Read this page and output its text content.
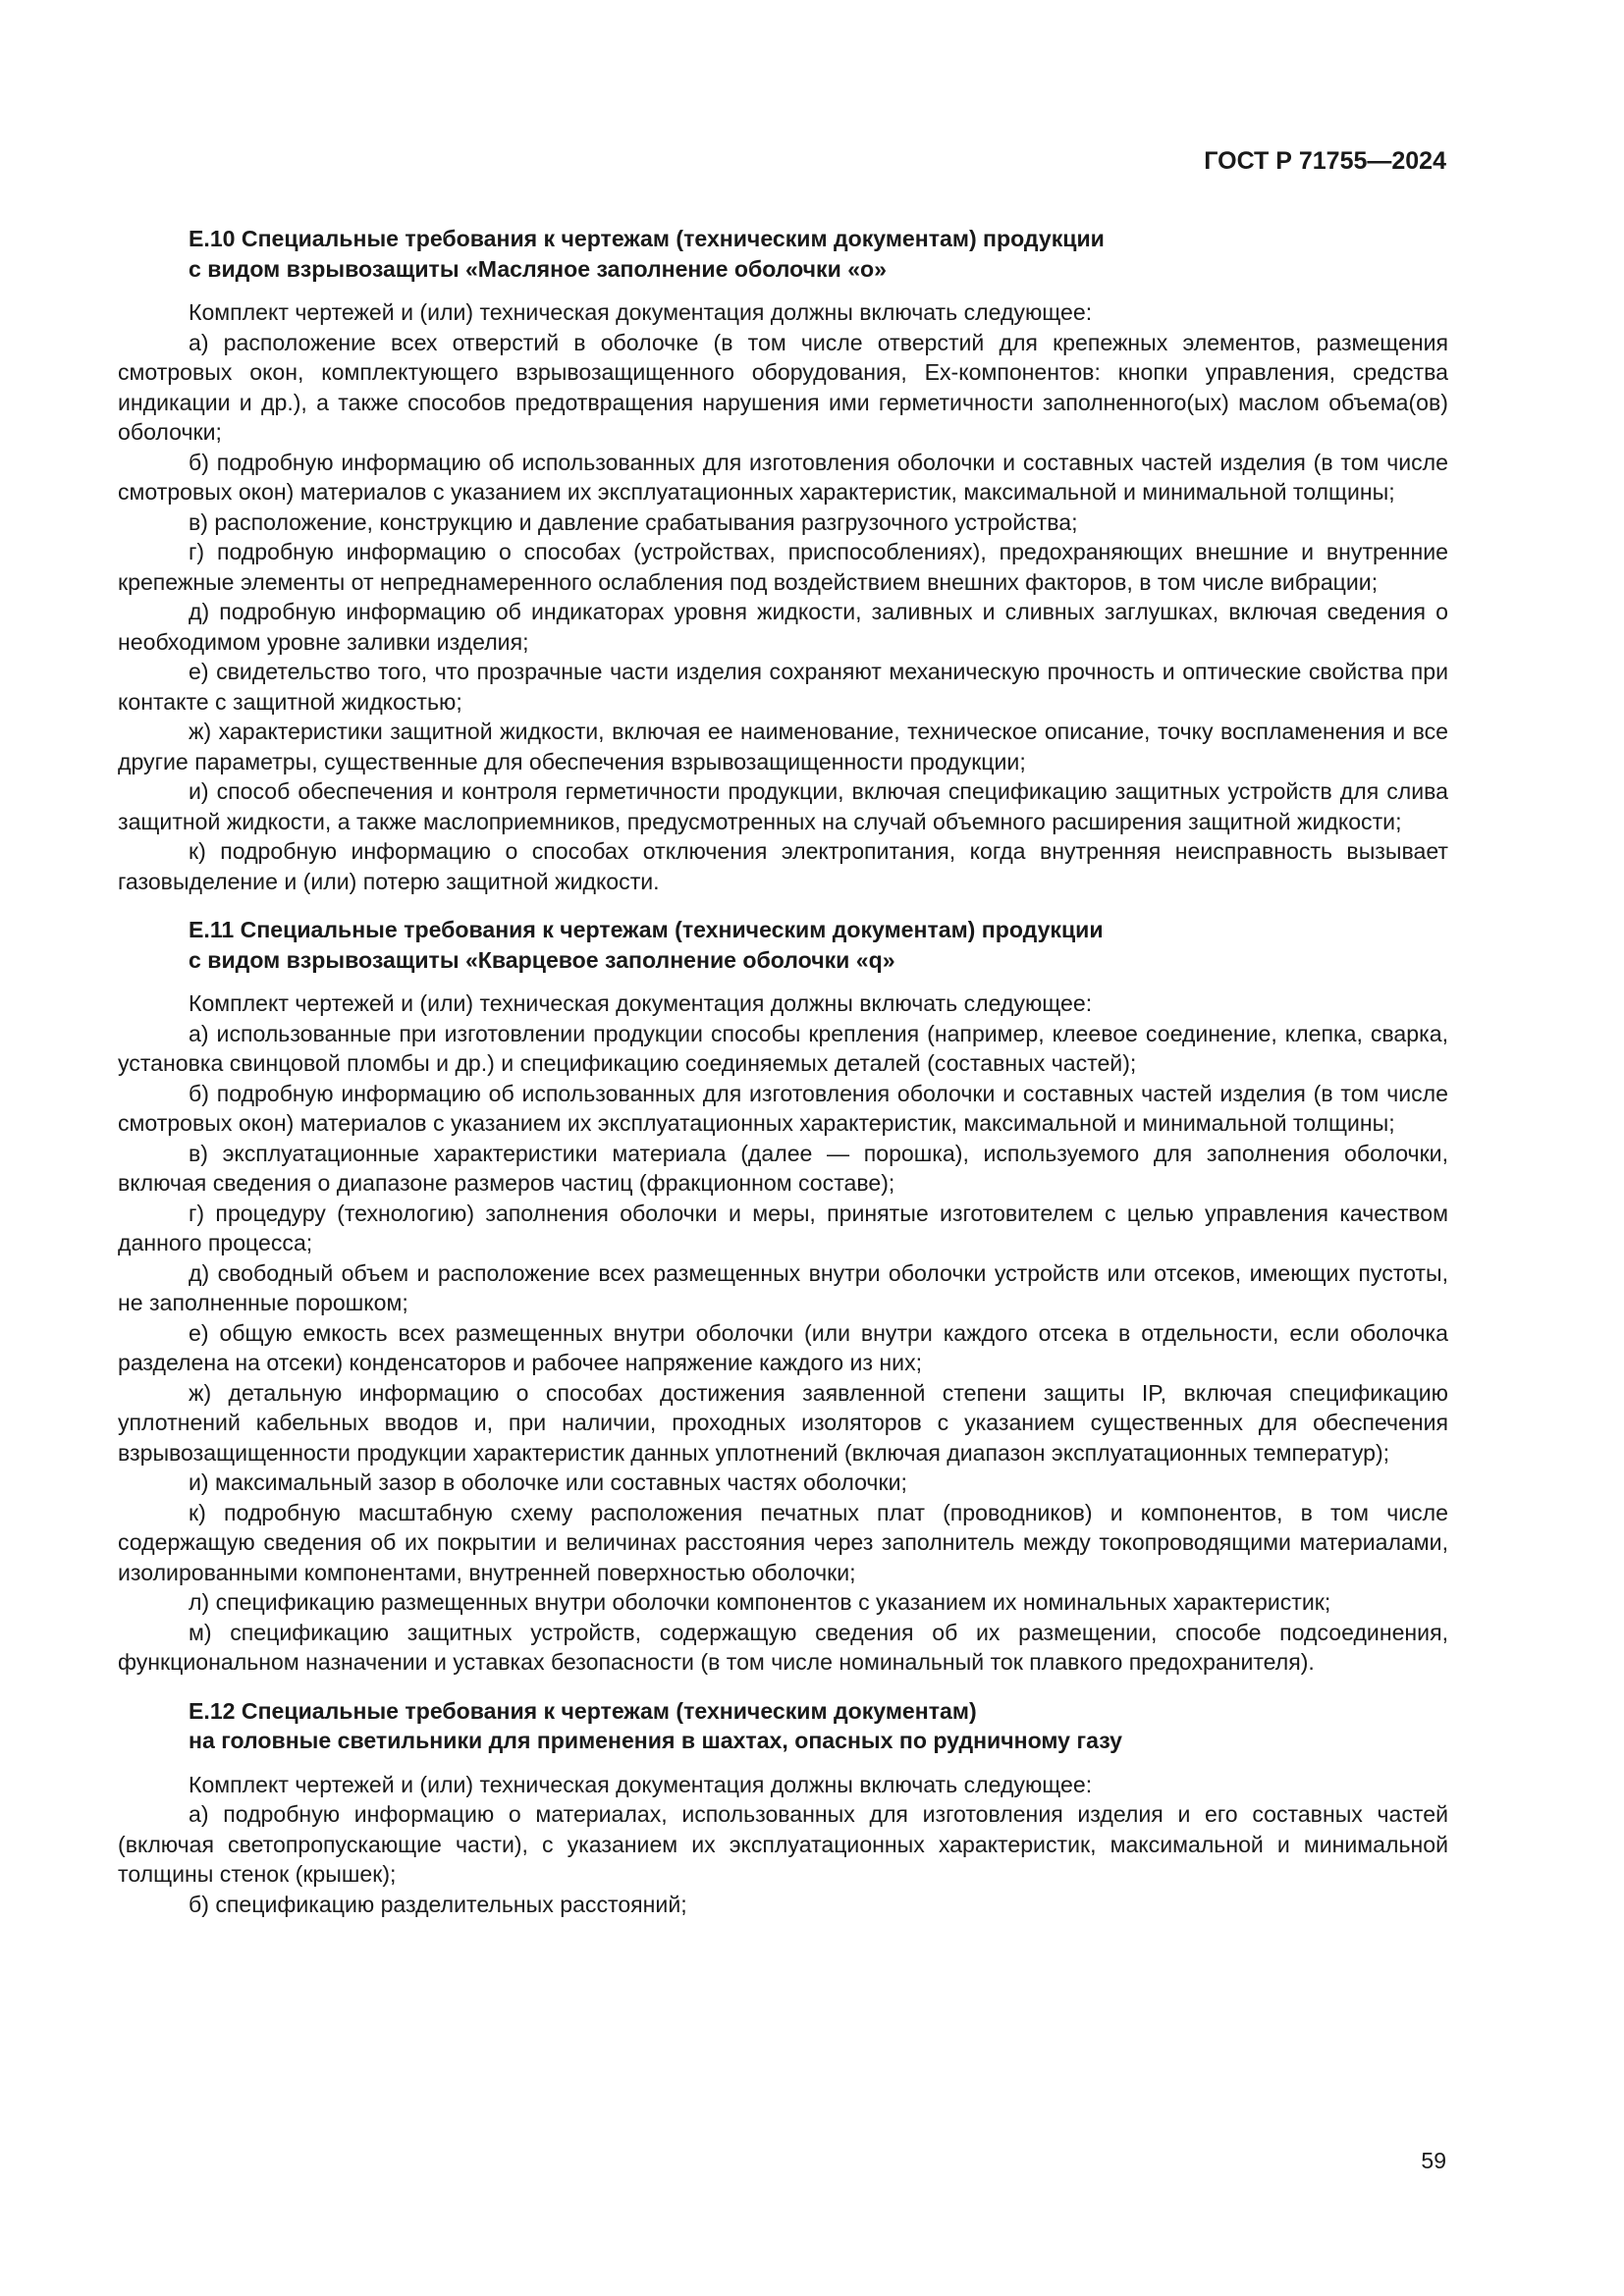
ГОСТ Р 71755—2024
Е.10 Специальные требования к чертежам (техническим документам) продукции
с видом взрывозащиты «Масляное заполнение оболочки «о»

Комплект чертежей и (или) техническая документация должны включать следующее:

а) расположение всех отверстий в оболочке (в том числе отверстий для крепежных элементов, размещения смотровых окон, комплектующего взрывозащищенного оборудования, Ex-компонентов: кнопки управления, средства индикации и др.), а также способов предотвращения нарушения ими герметичности заполненного(ых) маслом объема(ов) оболочки;

б) подробную информацию об использованных для изготовления оболочки и составных частей изделия (в том числе смотровых окон) материалов с указанием их эксплуатационных характеристик, максимальной и минимальной толщины;

в) расположение, конструкцию и давление срабатывания разгрузочного устройства;

г) подробную информацию о способах (устройствах, приспособлениях), предохраняющих внешние и внутренние крепежные элементы от непреднамеренного ослабления под воздействием внешних факторов, в том числе вибрации;

д) подробную информацию об индикаторах уровня жидкости, заливных и сливных заглушках, включая сведения о необходимом уровне заливки изделия;

е) свидетельство того, что прозрачные части изделия сохраняют механическую прочность и оптические свойства при контакте с защитной жидкостью;

ж) характеристики защитной жидкости, включая ее наименование, техническое описание, точку воспламенения и все другие параметры, существенные для обеспечения взрывозащищенности продукции;

и) способ обеспечения и контроля герметичности продукции, включая спецификацию защитных устройств для слива защитной жидкости, а также маслоприемников, предусмотренных на случай объемного расширения защитной жидкости;

к) подробную информацию о способах отключения электропитания, когда внутренняя неисправность вызывает газовыделение и (или) потерю защитной жидкости.

Е.11 Специальные требования к чертежам (техническим документам) продукции
с видом взрывозащиты «Кварцевое заполнение оболочки «q»

Комплект чертежей и (или) техническая документация должны включать следующее:

а) использованные при изготовлении продукции способы крепления (например, клеевое соединение, клепка, сварка, установка свинцовой пломбы и др.) и спецификацию соединяемых деталей (составных частей);

б) подробную информацию об использованных для изготовления оболочки и составных частей изделия (в том числе смотровых окон) материалов с указанием их эксплуатационных характеристик, максимальной и минимальной толщины;

в) эксплуатационные характеристики материала (далее — порошка), используемого для заполнения оболочки, включая сведения о диапазоне размеров частиц (фракционном составе);

г) процедуру (технологию) заполнения оболочки и меры, принятые изготовителем с целью управления качеством данного процесса;

д) свободный объем и расположение всех размещенных внутри оболочки устройств или отсеков, имеющих пустоты, не заполненные порошком;

е) общую емкость всех размещенных внутри оболочки (или внутри каждого отсека в отдельности, если оболочка разделена на отсеки) конденсаторов и рабочее напряжение каждого из них;

ж) детальную информацию о способах достижения заявленной степени защиты IP, включая спецификацию уплотнений кабельных вводов и, при наличии, проходных изоляторов с указанием существенных для обеспечения взрывозащищенности продукции характеристик данных уплотнений (включая диапазон эксплуатационных температур);

и) максимальный зазор в оболочке или составных частях оболочки;

к) подробную масштабную схему расположения печатных плат (проводников) и компонентов, в том числе содержащую сведения об их покрытии и величинах расстояния через заполнитель между токопроводящими материалами, изолированными компонентами, внутренней поверхностью оболочки;

л) спецификацию размещенных внутри оболочки компонентов с указанием их номинальных характеристик;

м) спецификацию защитных устройств, содержащую сведения об их размещении, способе подсоединения, функциональном назначении и уставках безопасности (в том числе номинальный ток плавкого предохранителя).

Е.12 Специальные требования к чертежам (техническим документам)
на головные светильники для применения в шахтах, опасных по рудничному газу

Комплект чертежей и (или) техническая документация должны включать следующее:

а) подробную информацию о материалах, использованных для изготовления изделия и его составных частей (включая светопропускающие части), с указанием их эксплуатационных характеристик, максимальной и минимальной толщины стенок (крышек);

б) спецификацию разделительных расстояний;

59
